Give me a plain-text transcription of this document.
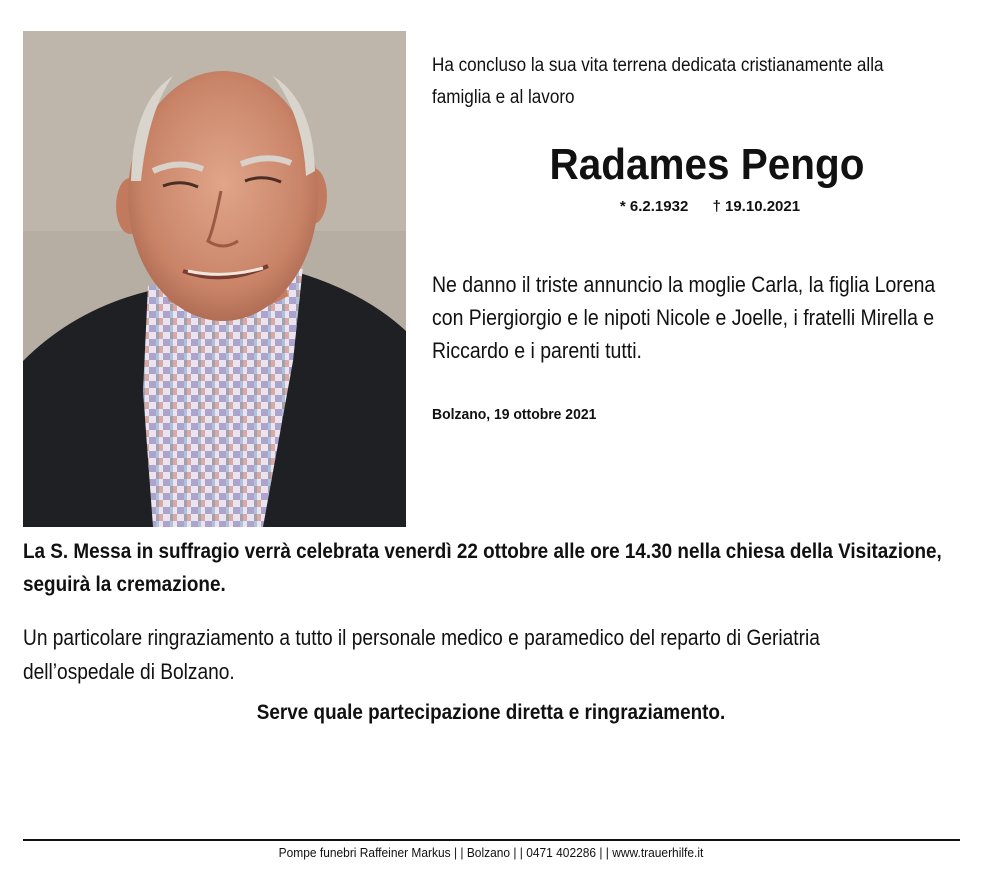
Ha concluso la sua vita terrena dedicata cristianamente alla famiglia e al lavoro
Radames Pengo
* 6.2.1932 † 19.10.2021
Ne danno il triste annuncio la moglie Carla, la figlia Lorena con Piergiorgio e le nipoti Nicole e Joelle, i fratelli Mirella e Riccardo e i parenti tutti.
Bolzano, 19 ottobre 2021
La S. Messa in suffragio verrà celebrata venerdì 22 ottobre alle ore 14.30 nella chiesa della Visitazione, seguirà la cremazione.
Un particolare ringraziamento a tutto il personale medico e paramedico del reparto di Geriatria dell’ospedale di Bolzano.
Serve quale partecipazione diretta e ringraziamento.
Pompe funebri Raffeiner Markus | | Bolzano | | 0471 402286 | | www.trauerhilfe.it
